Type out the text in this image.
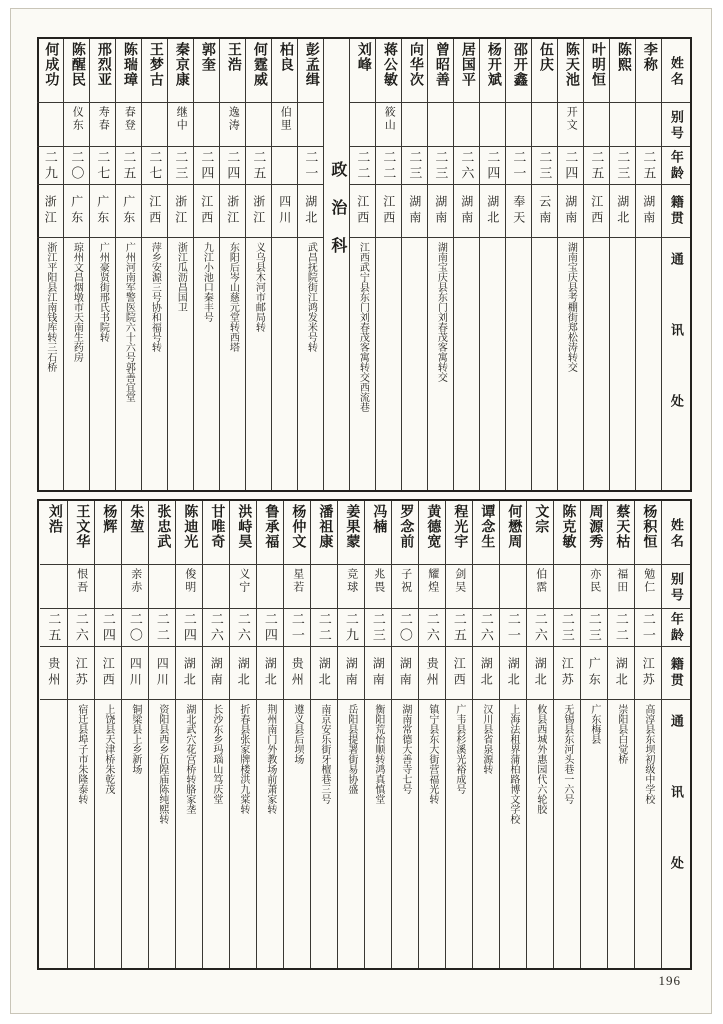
姓名
别号
年龄
籍贯
通讯处
李称
二五
湖南
陈熙
二三
湖北
叶明恒
二五
江西
陈天池
开文
二四
湖南
湖南宝庆县考棚街郑松涛转交
伍庆
二三
云南
邵开鑫
二一
奉天
杨开斌
二四
湖北
居国平
二六
湖南
曾昭善
二三
湖南
湖南宝庆县东门刘春茂客寓转交
向华次
二三
湖南
蒋公敏
筱山
二二
江西
刘峰
二二
江西
江西武宁县东门刘春茂客寓转交西流巷
政治科
彭孟缉
二一
湖北
武昌抚院街江鸿发米号转
柏良
伯里
四川
何霆威
二五
浙江
义乌县木河市邮局转
王浩
逸涛
二四
浙江
东阳后岑山慈元堂转西塔
郭奎
二四
江西
九江小池口秦丰号
秦京康
继中
二三
浙江
浙江瓜沥昌国卫
王梦古
二七
江西
萍乡安源三号协和福号转
陈瑞璋
春登
二五
广东
广州河南军警医院六十六号郭善宜堂
邢烈亚
寿春
二七
广东
广州豪贤街邢氏书院转
陈醒民
仪东
二〇
广东
琼州文昌烟墩市天南生药房
何成功
二九
浙江
浙江平阳县江南钱库转三石桥
姓名
别号
年龄
籍贯
通讯处
杨积恒
勉仁
二一
江苏
高淳县东坝初级中学校
蔡天枯
福田
二二
湖北
崇阳县白觉桥
周源秀
亦民
二三
广东
广东梅县
陈克敏
二三
江苏
无锡县东河头巷一六号
文宗
伯霑
二六
湖北
攸县西城外惠园代六轮胶
何懋周
二一
湖北
上海法租界蒲柏路博文学校
谭念生
二六
湖北
汉川县省泉源转
程光宇
剑吴
二五
江西
广韦县杉溪光裕成号
黄德宽
耀煌
二六
贵州
镇宁县东大街营福光转
罗念前
子祝
二〇
湖南
湖南常德大善寺七号
冯楠
兆畏
二三
湖南
衡阳荒怡顺转鸿真慎堂
姜果蒙
竞球
二九
湖南
岳阳县提署街易协盛
潘祖康
二二
湖北
南京安乐街牙檀巷三号
杨仲文
星若
二一
贵州
遵义县后坝场
鲁承福
二四
湖北
荆州南门外教场前萧家转
洪峙昊
义宁
二六
湖北
折春县张家牌楼洪九棠转
甘唯奇
二六
湖南
长沙东乡玛瑙山笃庆堂
陈迪光
俊明
二四
湖北
湖北武穴花宫桥转胳家垄
张忠武
二二
四川
资阳县西乡伍隍庙陈纯熙转
朱堃
亲赤
二〇
四川
铜梁县上乡新场
杨辉
二四
江西
上饶县天津桥朱乾茂
王文华
恨吾
二六
江苏
宿迁县埠子市朱隆泰转
刘浩
二五
贵州
196
